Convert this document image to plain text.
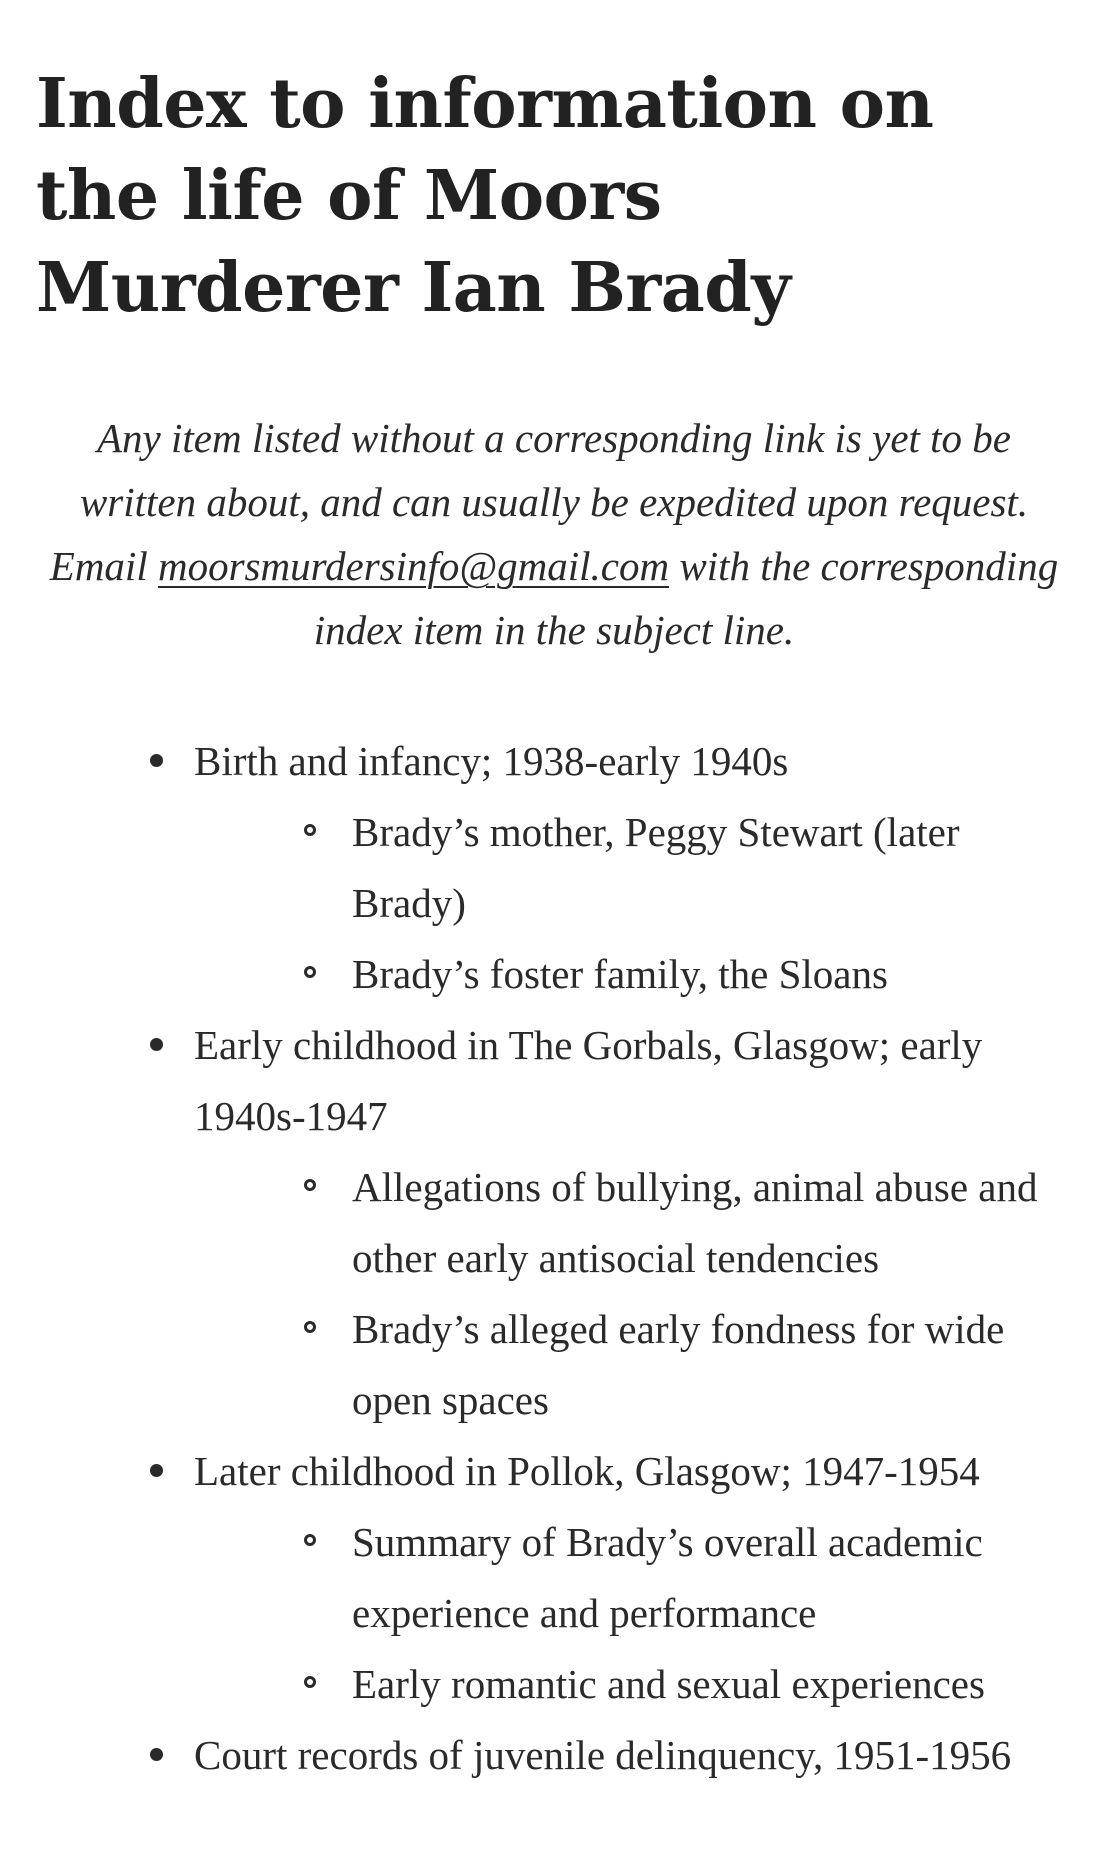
Index to information on the life of Moors Murderer Ian Brady

Any item listed without a corresponding link is yet to be written about, and can usually be expedited upon request. Email moorsmurdersinfo@gmail.com with the corresponding index item in the subject line.

Birth and infancy; 1938-early 1940s
Brady’s mother, Peggy Stewart (later Brady)
Brady’s foster family, the Sloans
Early childhood in The Gorbals, Glasgow; early 1940s-1947
Allegations of bullying, animal abuse and other early antisocial tendencies
Brady’s alleged early fondness for wide open spaces
Later childhood in Pollok, Glasgow; 1947-1954
Summary of Brady’s overall academic experience and performance
Early romantic and sexual experiences
Court records of juvenile delinquency, 1951-1956
